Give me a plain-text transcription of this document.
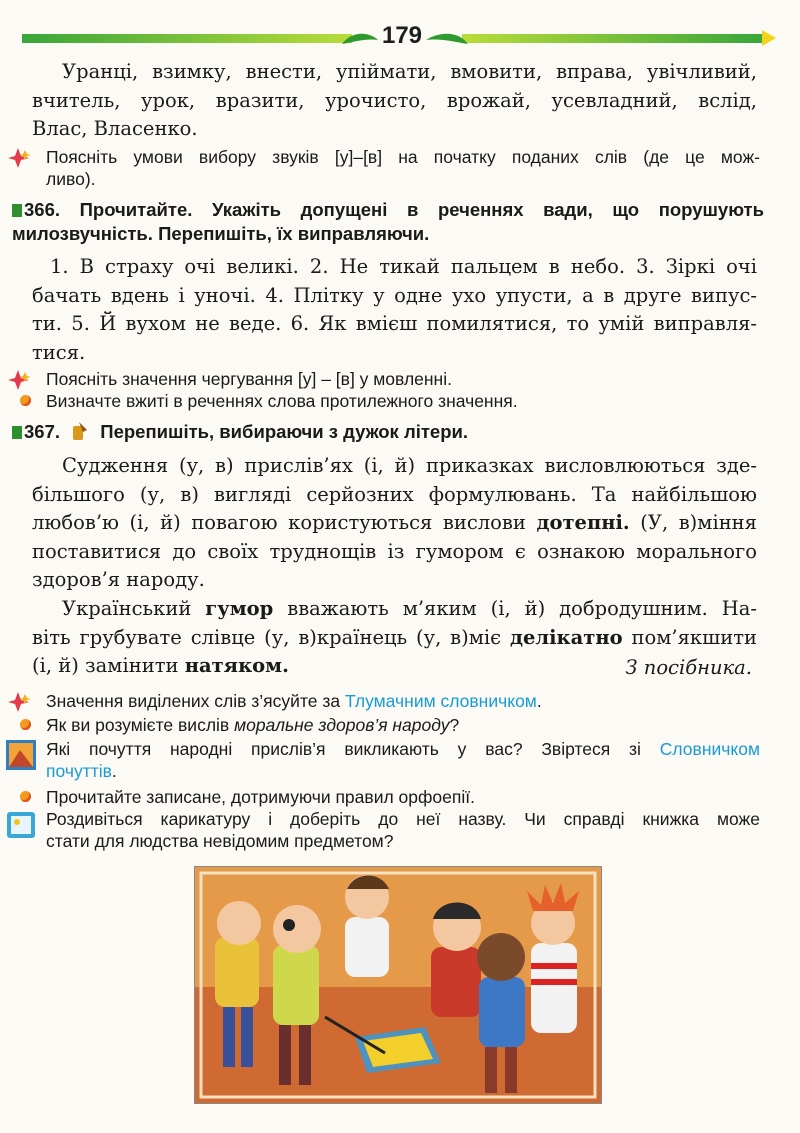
179
Уранці, взимку, внести, упіймати, вмовити, вправа, увічливий,
вчитель, урок, вразити, урочисто, врожай, усевладний, вслід,
Влас, Власенко.
Поясніть умови вибору звуків [у]–[в] на початку поданих слів (де це мож-
ливо).
366. Прочитайте. Укажіть допущені в реченнях вади, що порушують
милозвучність. Перепишіть, їх виправляючи.
1. В страху очі великі. 2. Не тикай пальцем в небо. 3. Зіркі очі
бачать вдень і уночі. 4. Плітку у одне ухо упусти, а в друге випус-
ти. 5. Й вухом не веде. 6. Як вмієш помилятися, то умій виправля-
тися.
Поясніть значення чергування [у] – [в] у мовленні.
Визначте вжиті в реченнях слова протилежного значення.
367. Перепишіть, вибираючи з дужок літери.
Судження (у, в) прислів’ях (і, й) приказках висловлюються зде-
більшого (у, в) вигляді серйозних формулювань. Та найбільшою
любов’ю (і, й) повагою користуються вислови дотепні. (У, в)міння
поставитися до своїх труднощів із гумором є ознакою морального
здоров’я народу.
Український гумор вважають м’яким (і, й) добродушним. На-
віть грубувате слівце (у, в)країнець (у, в)міє делікатно пом’якшити
(і, й) замінити натяком.	З посібника.
Значення виділених слів з’ясуйте за Тлумачним словничком.
Як ви розумієте вислів моральне здоров’я народу?
Які почуття народні прислів’я викликають у вас? Звіртеся зі Словничком
почуттів.
Прочитайте записане, дотримуючи правил орфоепії.
Роздивіться карикатуру і доберіть до неї назву. Чи справді книжка може
стати для людства невідомим предметом?
